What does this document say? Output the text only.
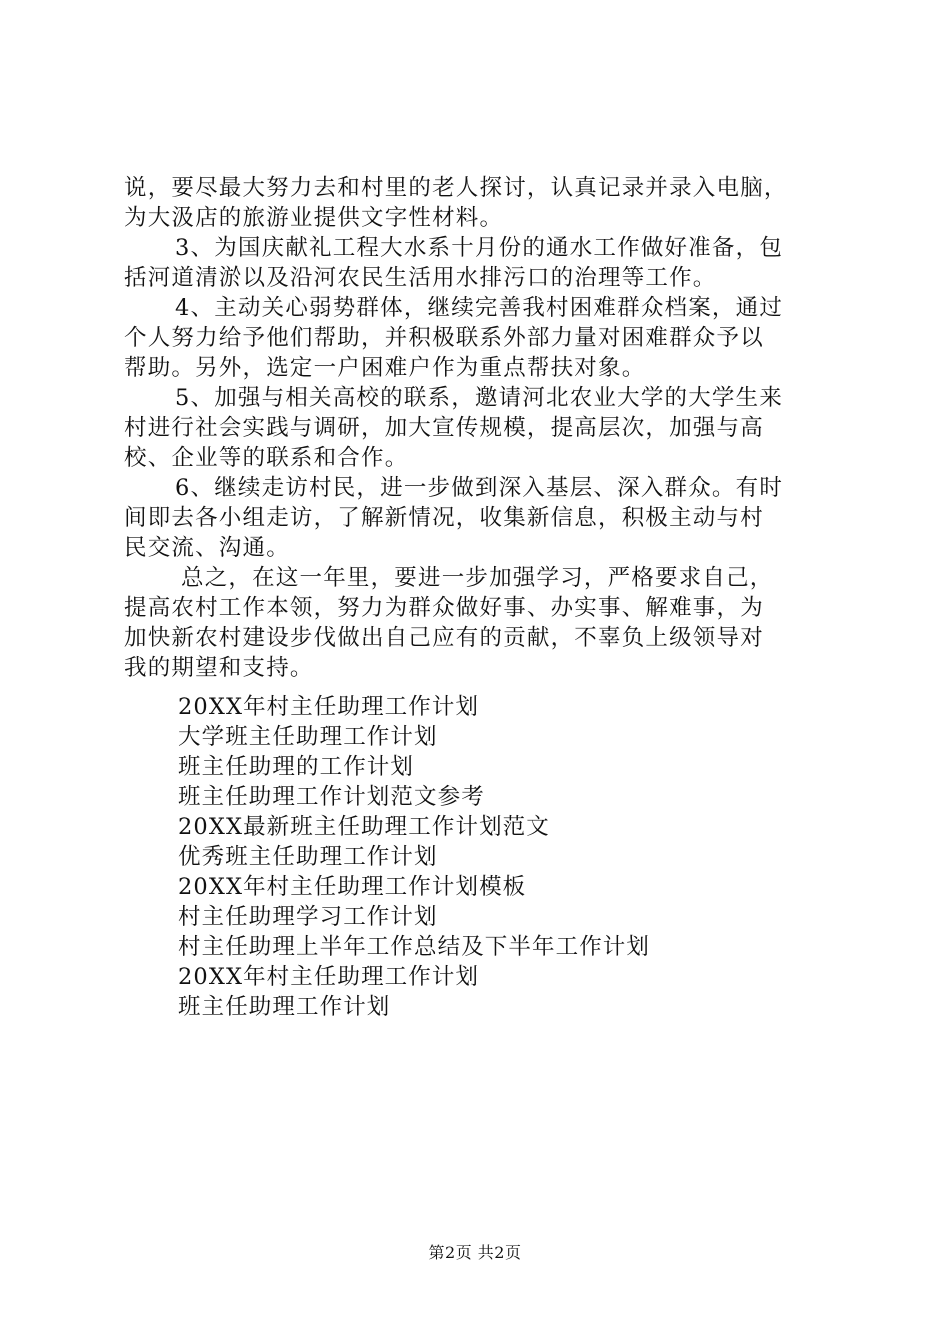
说，要尽最大努力去和村里的老人探讨，认真记录并录入电脑，
为大汲店的旅游业提供文字性材料。
3、为国庆献礼工程大水系十月份的通水工作做好准备，包
括河道清淤以及沿河农民生活用水排污口的治理等工作。
4、主动关心弱势群体，继续完善我村困难群众档案，通过
个人努力给予他们帮助，并积极联系外部力量对困难群众予以
帮助。另外，选定一户困难户作为重点帮扶对象。
5、加强与相关高校的联系，邀请河北农业大学的大学生来
村进行社会实践与调研，加大宣传规模，提高层次，加强与高
校、企业等的联系和合作。
6、继续走访村民，进一步做到深入基层、深入群众。有时
间即去各小组走访，了解新情况，收集新信息，积极主动与村
民交流、沟通。
总之，在这一年里，要进一步加强学习，严格要求自己，
提高农村工作本领，努力为群众做好事、办实事、解难事，为
加快新农村建设步伐做出自己应有的贡献，不辜负上级领导对
我的期望和支持。
20XX年村主任助理工作计划
大学班主任助理工作计划
班主任助理的工作计划
班主任助理工作计划范文参考
20XX最新班主任助理工作计划范文
优秀班主任助理工作计划
20XX年村主任助理工作计划模板
村主任助理学习工作计划
村主任助理上半年工作总结及下半年工作计划
20XX年村主任助理工作计划
班主任助理工作计划
第2页 共2页
